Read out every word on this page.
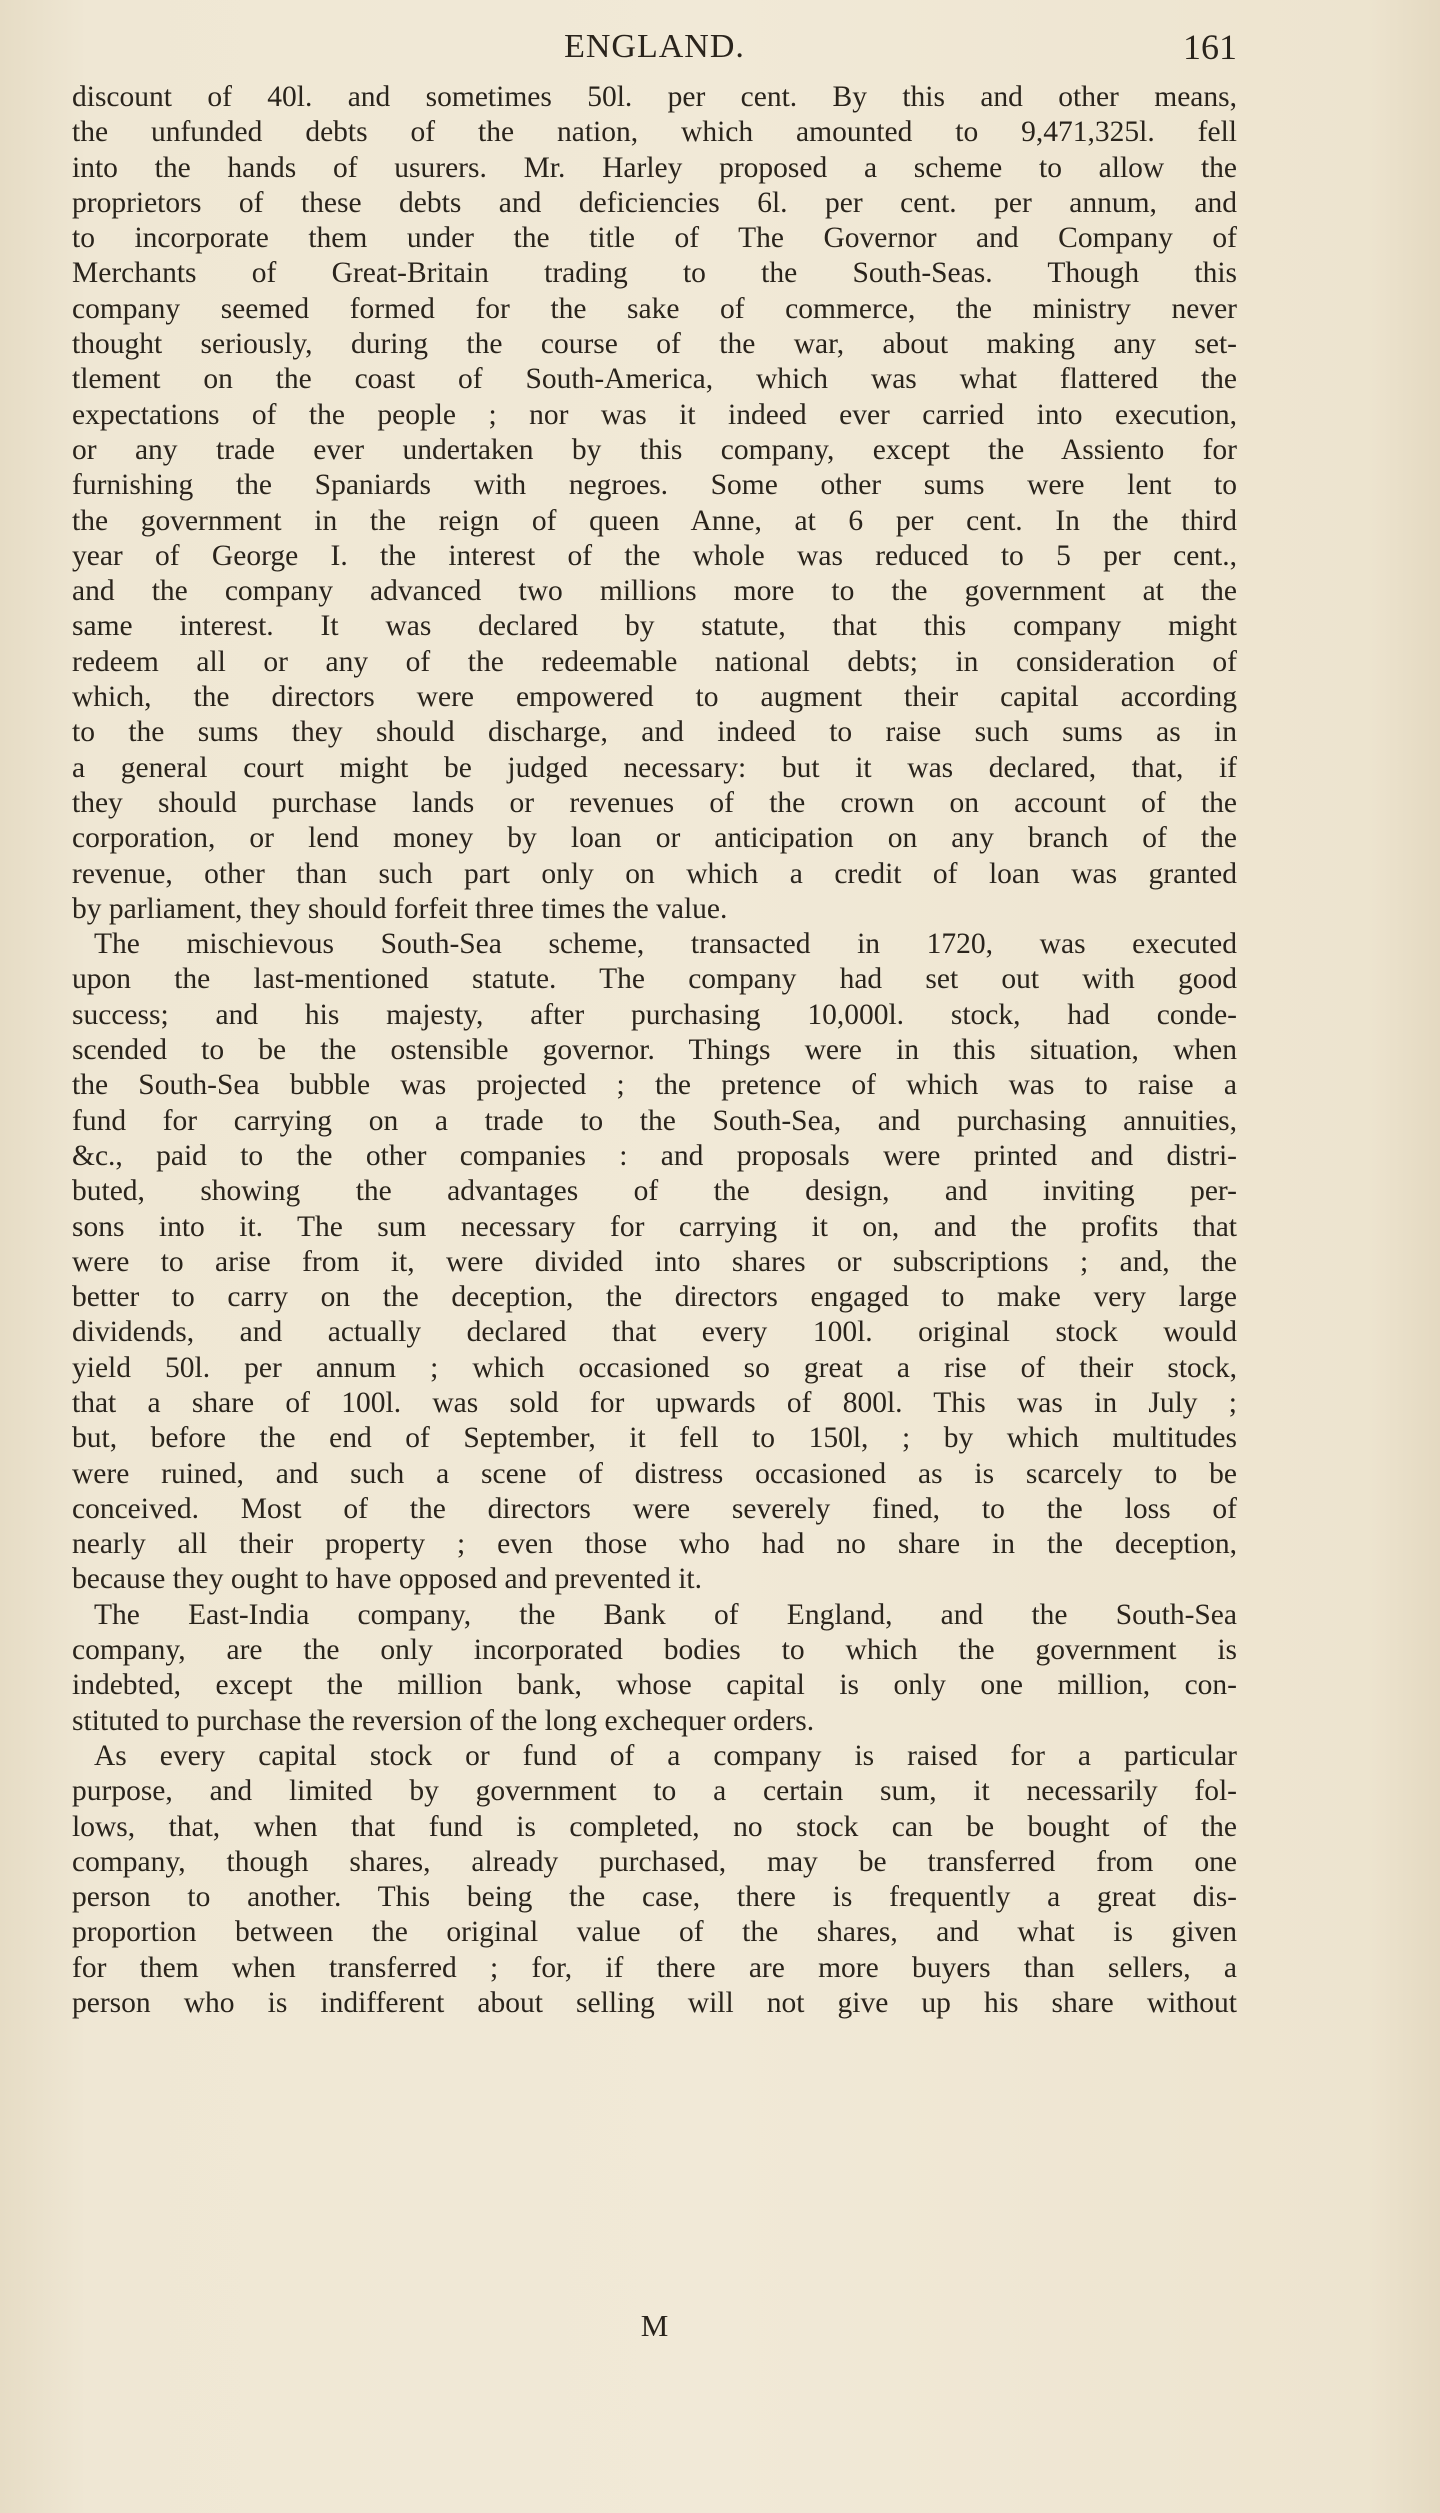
ENGLAND.	161
discount of 40l. and sometimes 50l. per cent. By this and other means,
the unfunded debts of the nation, which amounted to 9,471,325l. fell
into the hands of usurers. Mr. Harley proposed a scheme to allow the
proprietors of these debts and deficiencies 6l. per cent. per annum, and
to incorporate them under the title of The Governor and Company of
Merchants of Great-Britain trading to the South-Seas. Though this
company seemed formed for the sake of commerce, the ministry never
thought seriously, during the course of the war, about making any set-
tlement on the coast of South-America, which was what flattered the
expectations of the people ; nor was it indeed ever carried into execution,
or any trade ever undertaken by this company, except the Assiento for
furnishing the Spaniards with negroes. Some other sums were lent to
the government in the reign of queen Anne, at 6 per cent. In the third
year of George I. the interest of the whole was reduced to 5 per cent.,
and the company advanced two millions more to the government at the
same interest. It was declared by statute, that this company might
redeem all or any of the redeemable national debts; in consideration of
which, the directors were empowered to augment their capital according
to the sums they should discharge, and indeed to raise such sums as in
a general court might be judged necessary: but it was declared, that, if
they should purchase lands or revenues of the crown on account of the
corporation, or lend money by loan or anticipation on any branch of the
revenue, other than such part only on which a credit of loan was granted
by parliament, they should forfeit three times the value.
The mischievous South-Sea scheme, transacted in 1720, was executed
upon the last-mentioned statute. The company had set out with good
success; and his majesty, after purchasing 10,000l. stock, had conde-
scended to be the ostensible governor. Things were in this situation, when
the South-Sea bubble was projected ; the pretence of which was to raise a
fund for carrying on a trade to the South-Sea, and purchasing annuities,
&c., paid to the other companies : and proposals were printed and distri-
buted, showing the advantages of the design, and inviting per-
sons into it. The sum necessary for carrying it on, and the profits that
were to arise from it, were divided into shares or subscriptions ; and, the
better to carry on the deception, the directors engaged to make very large
dividends, and actually declared that every 100l. original stock would
yield 50l. per annum ; which occasioned so great a rise of their stock,
that a share of 100l. was sold for upwards of 800l. This was in July ;
but, before the end of September, it fell to 150l, ; by which multitudes
were ruined, and such a scene of distress occasioned as is scarcely to be
conceived. Most of the directors were severely fined, to the loss of
nearly all their property ; even those who had no share in the deception,
because they ought to have opposed and prevented it.
The East-India company, the Bank of England, and the South-Sea
company, are the only incorporated bodies to which the government is
indebted, except the million bank, whose capital is only one million, con-
stituted to purchase the reversion of the long exchequer orders.
As every capital stock or fund of a company is raised for a particular
purpose, and limited by government to a certain sum, it necessarily fol-
lows, that, when that fund is completed, no stock can be bought of the
company, though shares, already purchased, may be transferred from one
person to another. This being the case, there is frequently a great dis-
proportion between the original value of the shares, and what is given
for them when transferred ; for, if there are more buyers than sellers, a
person who is indifferent about selling will not give up his share without
M
